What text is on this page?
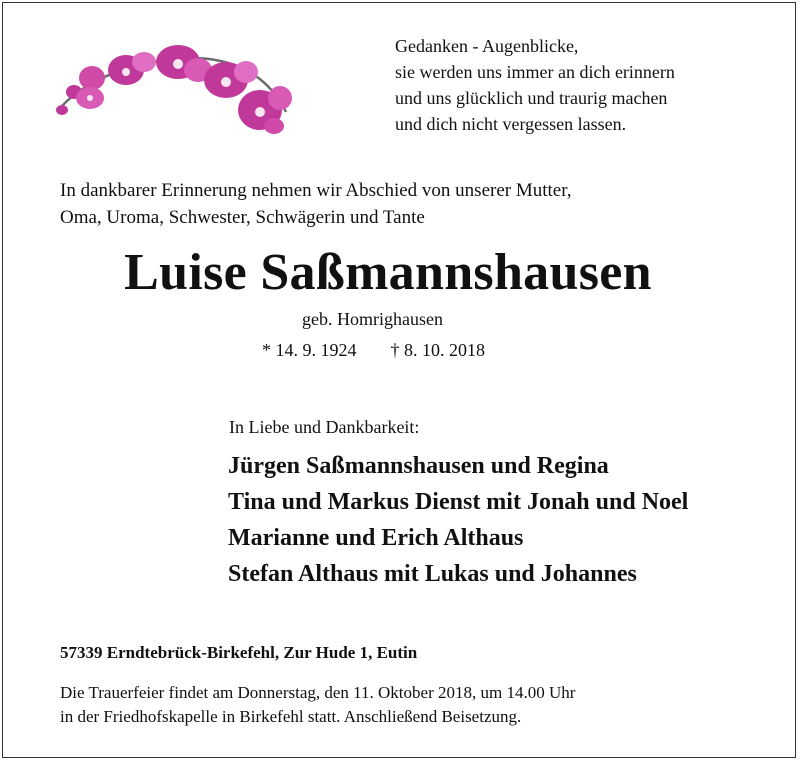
Gedanken - Augenblicke,
sie werden uns immer an dich erinnern
und uns glücklich und traurig machen
und dich nicht vergessen lassen.
In dankbarer Erinnerung nehmen wir Abschied von unserer Mutter,
Oma, Uroma, Schwester, Schwägerin und Tante
Luise Saßmannshausen
geb. Homrighausen
* 14. 9. 1924 † 8. 10. 2018
In Liebe und Dankbarkeit:
Jürgen Saßmannshausen und Regina
Tina und Markus Dienst mit Jonah und Noel
Marianne und Erich Althaus
Stefan Althaus mit Lukas und Johannes
57339 Erndtebrück-Birkefehl, Zur Hude 1, Eutin
Die Trauerfeier findet am Donnerstag, den 11. Oktober 2018, um 14.00 Uhr
in der Friedhofskapelle in Birkefehl statt. Anschließend Beisetzung.
